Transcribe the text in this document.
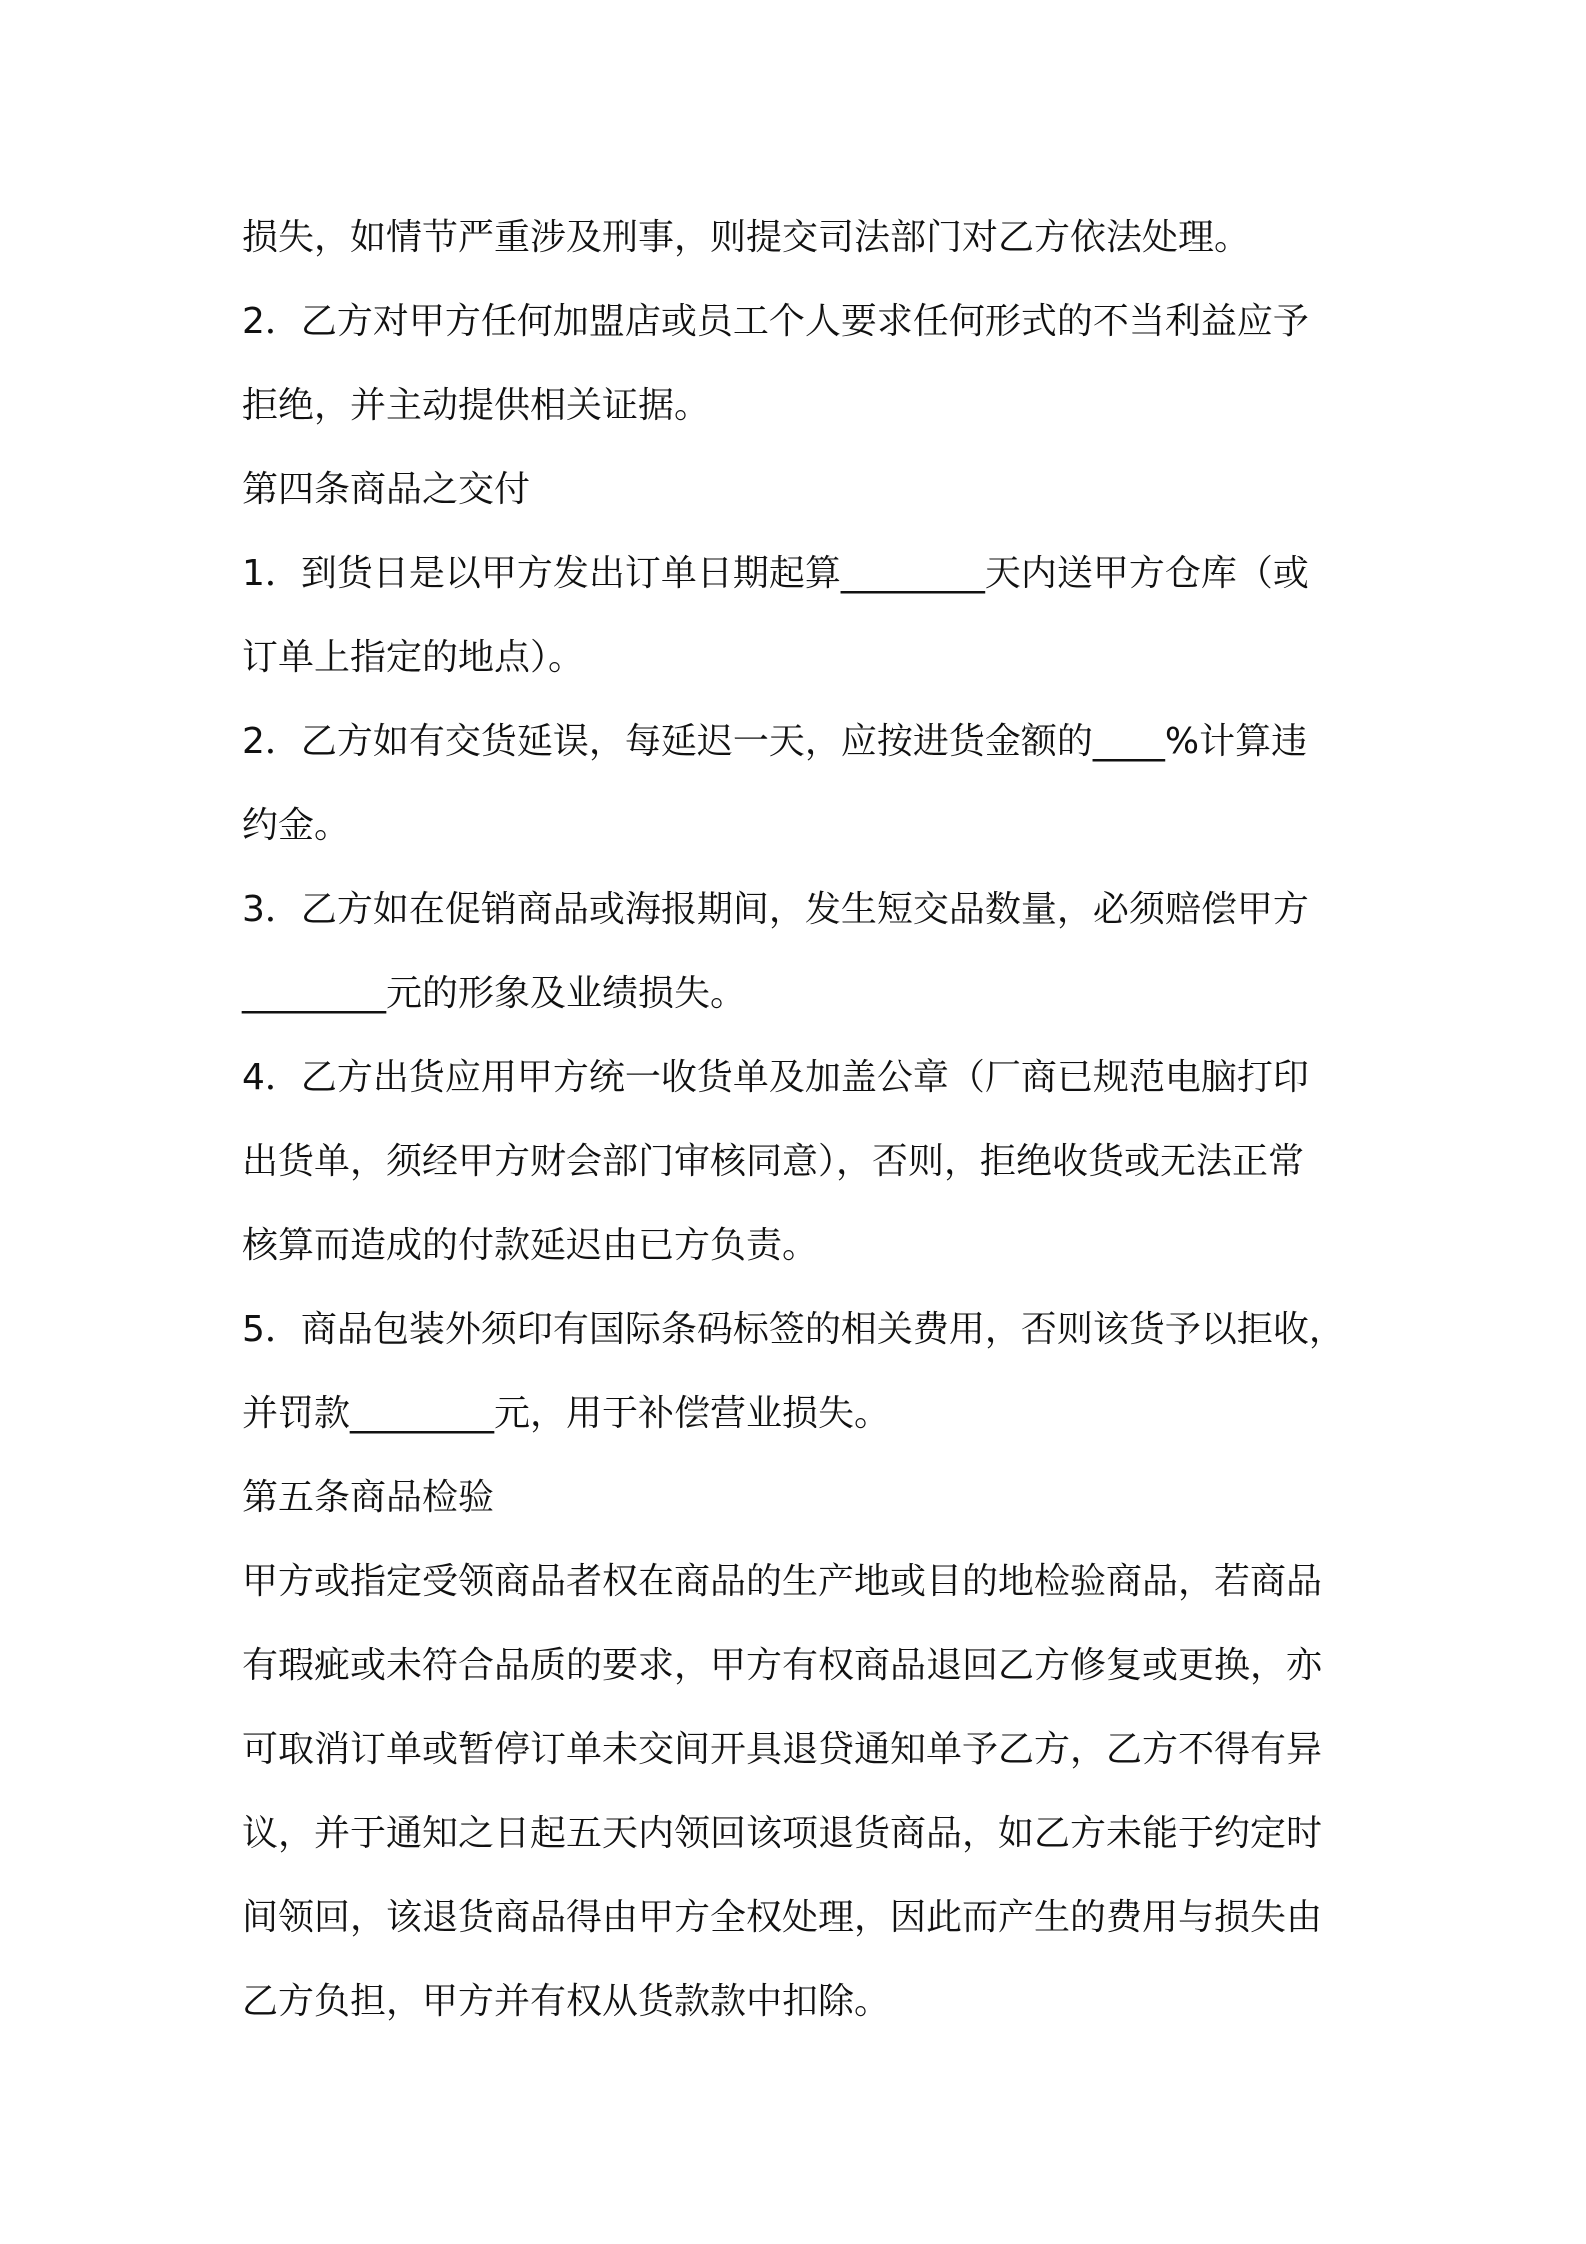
损失，如情节严重涉及刑事，则提交司法部门对乙方依法处理。
2．乙方对甲方任何加盟店或员工个人要求任何形式的不当利益应予
拒绝，并主动提供相关证据。
第四条商品之交付
1．到货日是以甲方发出订单日期起算________天内送甲方仓库（或
订单上指定的地点）。
2．乙方如有交货延误，每延迟一天，应按进货金额的____%计算违
约金。
3．乙方如在促销商品或海报期间，发生短交品数量，必须赔偿甲方
________元的形象及业绩损失。
4．乙方出货应用甲方统一收货单及加盖公章（厂商已规范电脑打印
出货单，须经甲方财会部门审核同意），否则，拒绝收货或无法正常
核算而造成的付款延迟由已方负责。
5．商品包装外须印有国际条码标签的相关费用，否则该货予以拒收，
并罚款________元，用于补偿营业损失。
第五条商品检验
甲方或指定受领商品者权在商品的生产地或目的地检验商品，若商品
有瑕疵或未符合品质的要求，甲方有权商品退回乙方修复或更换，亦
可取消订单或暂停订单未交间开具退贷通知单予乙方，乙方不得有异
议，并于通知之日起五天内领回该项退货商品，如乙方未能于约定时
间领回，该退货商品得由甲方全权处理，因此而产生的费用与损失由
乙方负担，甲方并有权从货款款中扣除。
